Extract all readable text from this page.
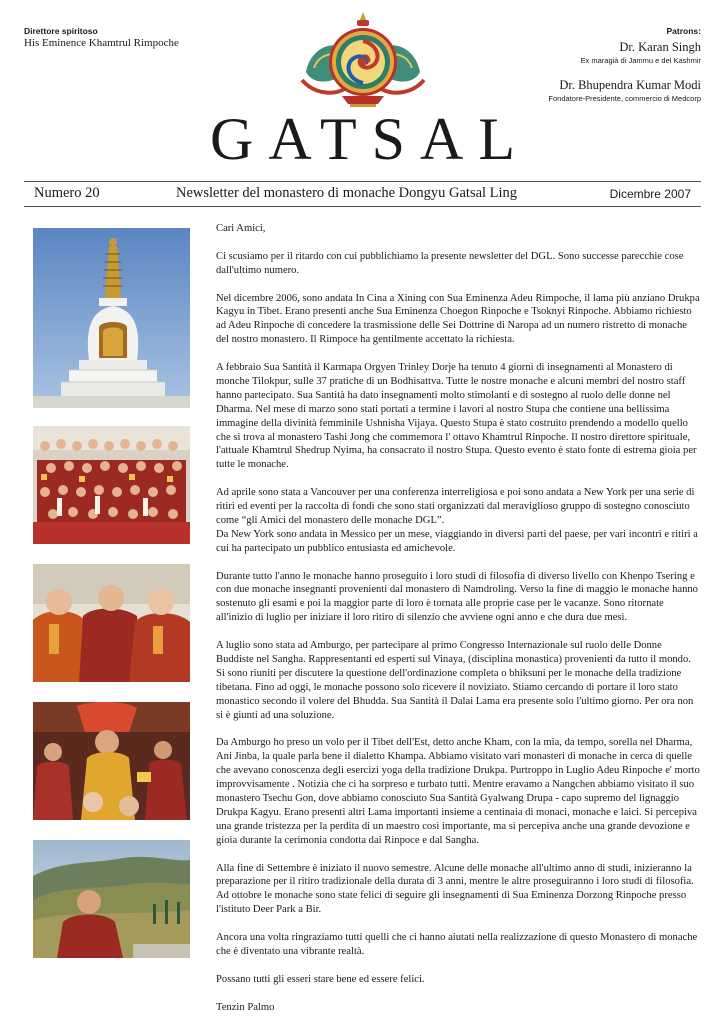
Direttore spiritoso
His Eminence Khamtrul Rimpoche
Patrons:
Dr. Karan Singh
Ex maragià di Jammu e del Kashmir
Dr. Bhupendra Kumar Modi
Fondatore-Presidente, commercio di Medcorp
GATSAL
Numero 20	Newsletter del monastero di monache Dongyu Gatsal Ling	Dicembre 2007

Cari Amici,

Ci scusiamo per il ritardo con cui pubblichiamo la presente newsletter del DGL. Sono successe parecchie cose dall'ultimo numero.

Nel dicembre 2006, sono andata In Cina a Xining con Sua Eminenza Adeu Rimpoche, il lama più anziano Drukpa Kagyu in Tibet. Erano presenti anche Sua Eminenza Choegon Rinpoche e Tsoknyi Rinpoche. Abbiamo richiesto ad Adeu Rinpoche di concedere la trasmissione delle Sei Dottrine di Naropa ad un numero ristretto di monache del nostro monastero. Il Rimpoce ha gentilmente accettato la richiesta.

A febbraio Sua Santità il Karmapa Orgyen Trinley Dorje ha tenuto 4 giorni di insegnamenti al Monastero di monche Tilokpur, sulle 37 pratiche di un Bodhisattva. Tutte le nostre monache e alcuni membri del nostro staff hanno partecipato. Sua Santità ha dato insegnamenti molto stimolanti e di sostegno al ruolo delle donne nel Dharma. Nel mese di marzo sono stati portati a termine i lavori al nostro Stupa che contiene una bellissima immagine della divinità femminile Ushnisha Vijaya. Questo Stupa è stato costruito prendendo a modello quello che si trova al monastero Tashi Jong che commemora l' ottavo Khamtrul Rinpoche. Il nostro direttore spirituale, l'attuale Khamtrul Shedrup Nyima, ha consacrato il nostro Stupa. Questo evento è stato fonte di estrema gioia per tutte le monache.

Ad aprile sono stata a Vancouver per una conferenza interreligiosa e poi sono andata a New York per una serie di ritiri ed eventi per la raccolta di fondi che sono stati organizzati dal meraviglioso gruppo di sostegno conosciuto come “gli Amici del monastero delle monache DGL”.

Da New York sono andata in Messico per un mese, viaggiando in diversi parti del paese, per vari incontri e ritiri a cui ha partecipato un pubblico entusiasta ed amichevole.

Durante tutto l'anno le monache hanno proseguito i loro studi di filosofia di diverso livello con Khenpo Tsering e con due monache insegnanti provenienti dal monastero di Namdroling. Verso la fine di maggio le monache hanno sostenuto gli esami e poi la maggior parte di loro è tornata alle proprie case per le vacanze. Sono ritornate all'inizio di luglio per iniziare il loro ritiro di silenzio che avviene ogni anno e che dura due mesi.

A luglio sono stata ad Amburgo, per partecipare al primo Congresso Internazionale sul ruolo delle Donne Buddiste nel Sangha. Rappresentanti ed esperti sul Vinaya, (disciplina monastica) provenienti da tutto il mondo. Si sono riuniti per discutere la questione dell'ordinazione completa o bhiksuni per le monache della tradizione tibetana. Fino ad oggi, le monache possono solo ricevere il noviziato. Stiamo cercando di portare il loro stato monastico secondo il volere del Bhudda. Sua Santità il Dalai Lama era presente solo l'ultimo giorno. Per ora non si è giunti ad una soluzione.

Da Amburgo ho preso un volo per il Tibet dell'Est, detto anche Kham, con la mia, da tempo, sorella nel Dharma, Ani Jinba, la quale parla bene il dialetto Khampa. Abbiamo visitato vari monasteri di monache in cerca di quelle che avevano conoscenza degli esercizi yoga della tradizione Drukpa. Purtroppo in Luglio Adeu Rinpoche e' morto improvvisamente . Notizia che ci ha sorpreso e turbato tutti. Mentre eravamo a Nangchen abbiamo visitato il suo monastero Tsechu Gon, dove abbiamo conosciuto Sua Santità Gyalwang Drupa - capo supremo del lignaggio Drukpa Kagyu. Erano presenti altri Lama importanti insieme a centinaia di monaci, monache e laici. Si percepiva una grande tristezza per la perdita di un maestro così importante, ma si percepiva anche una grande devozione e gioia durante la cerimonia condotta dai Rinpoce e dal Sangha.

Alla fine di Settembre è iniziato il nuovo semestre. Alcune delle monache all'ultimo anno di studi, inizieranno la preparazione per il ritiro tradizionale della durata di 3 anni, mentre le altre proseguiranno i loro studi di filosofia. Ad ottobre le monache sono state felici di seguire gli insegnamenti di Sua Eminenza Dorzong Rinpoche presso l'istituto Deer Park a Bir.

Ancora una volta ringraziamo tutti quelli che ci hanno aiutati nella realizzazione di questo Monastero di monache che è diventato una vibrante realtà.

Possano tutti gli esseri stare bene ed essere felici.

Tenzin Palmo
